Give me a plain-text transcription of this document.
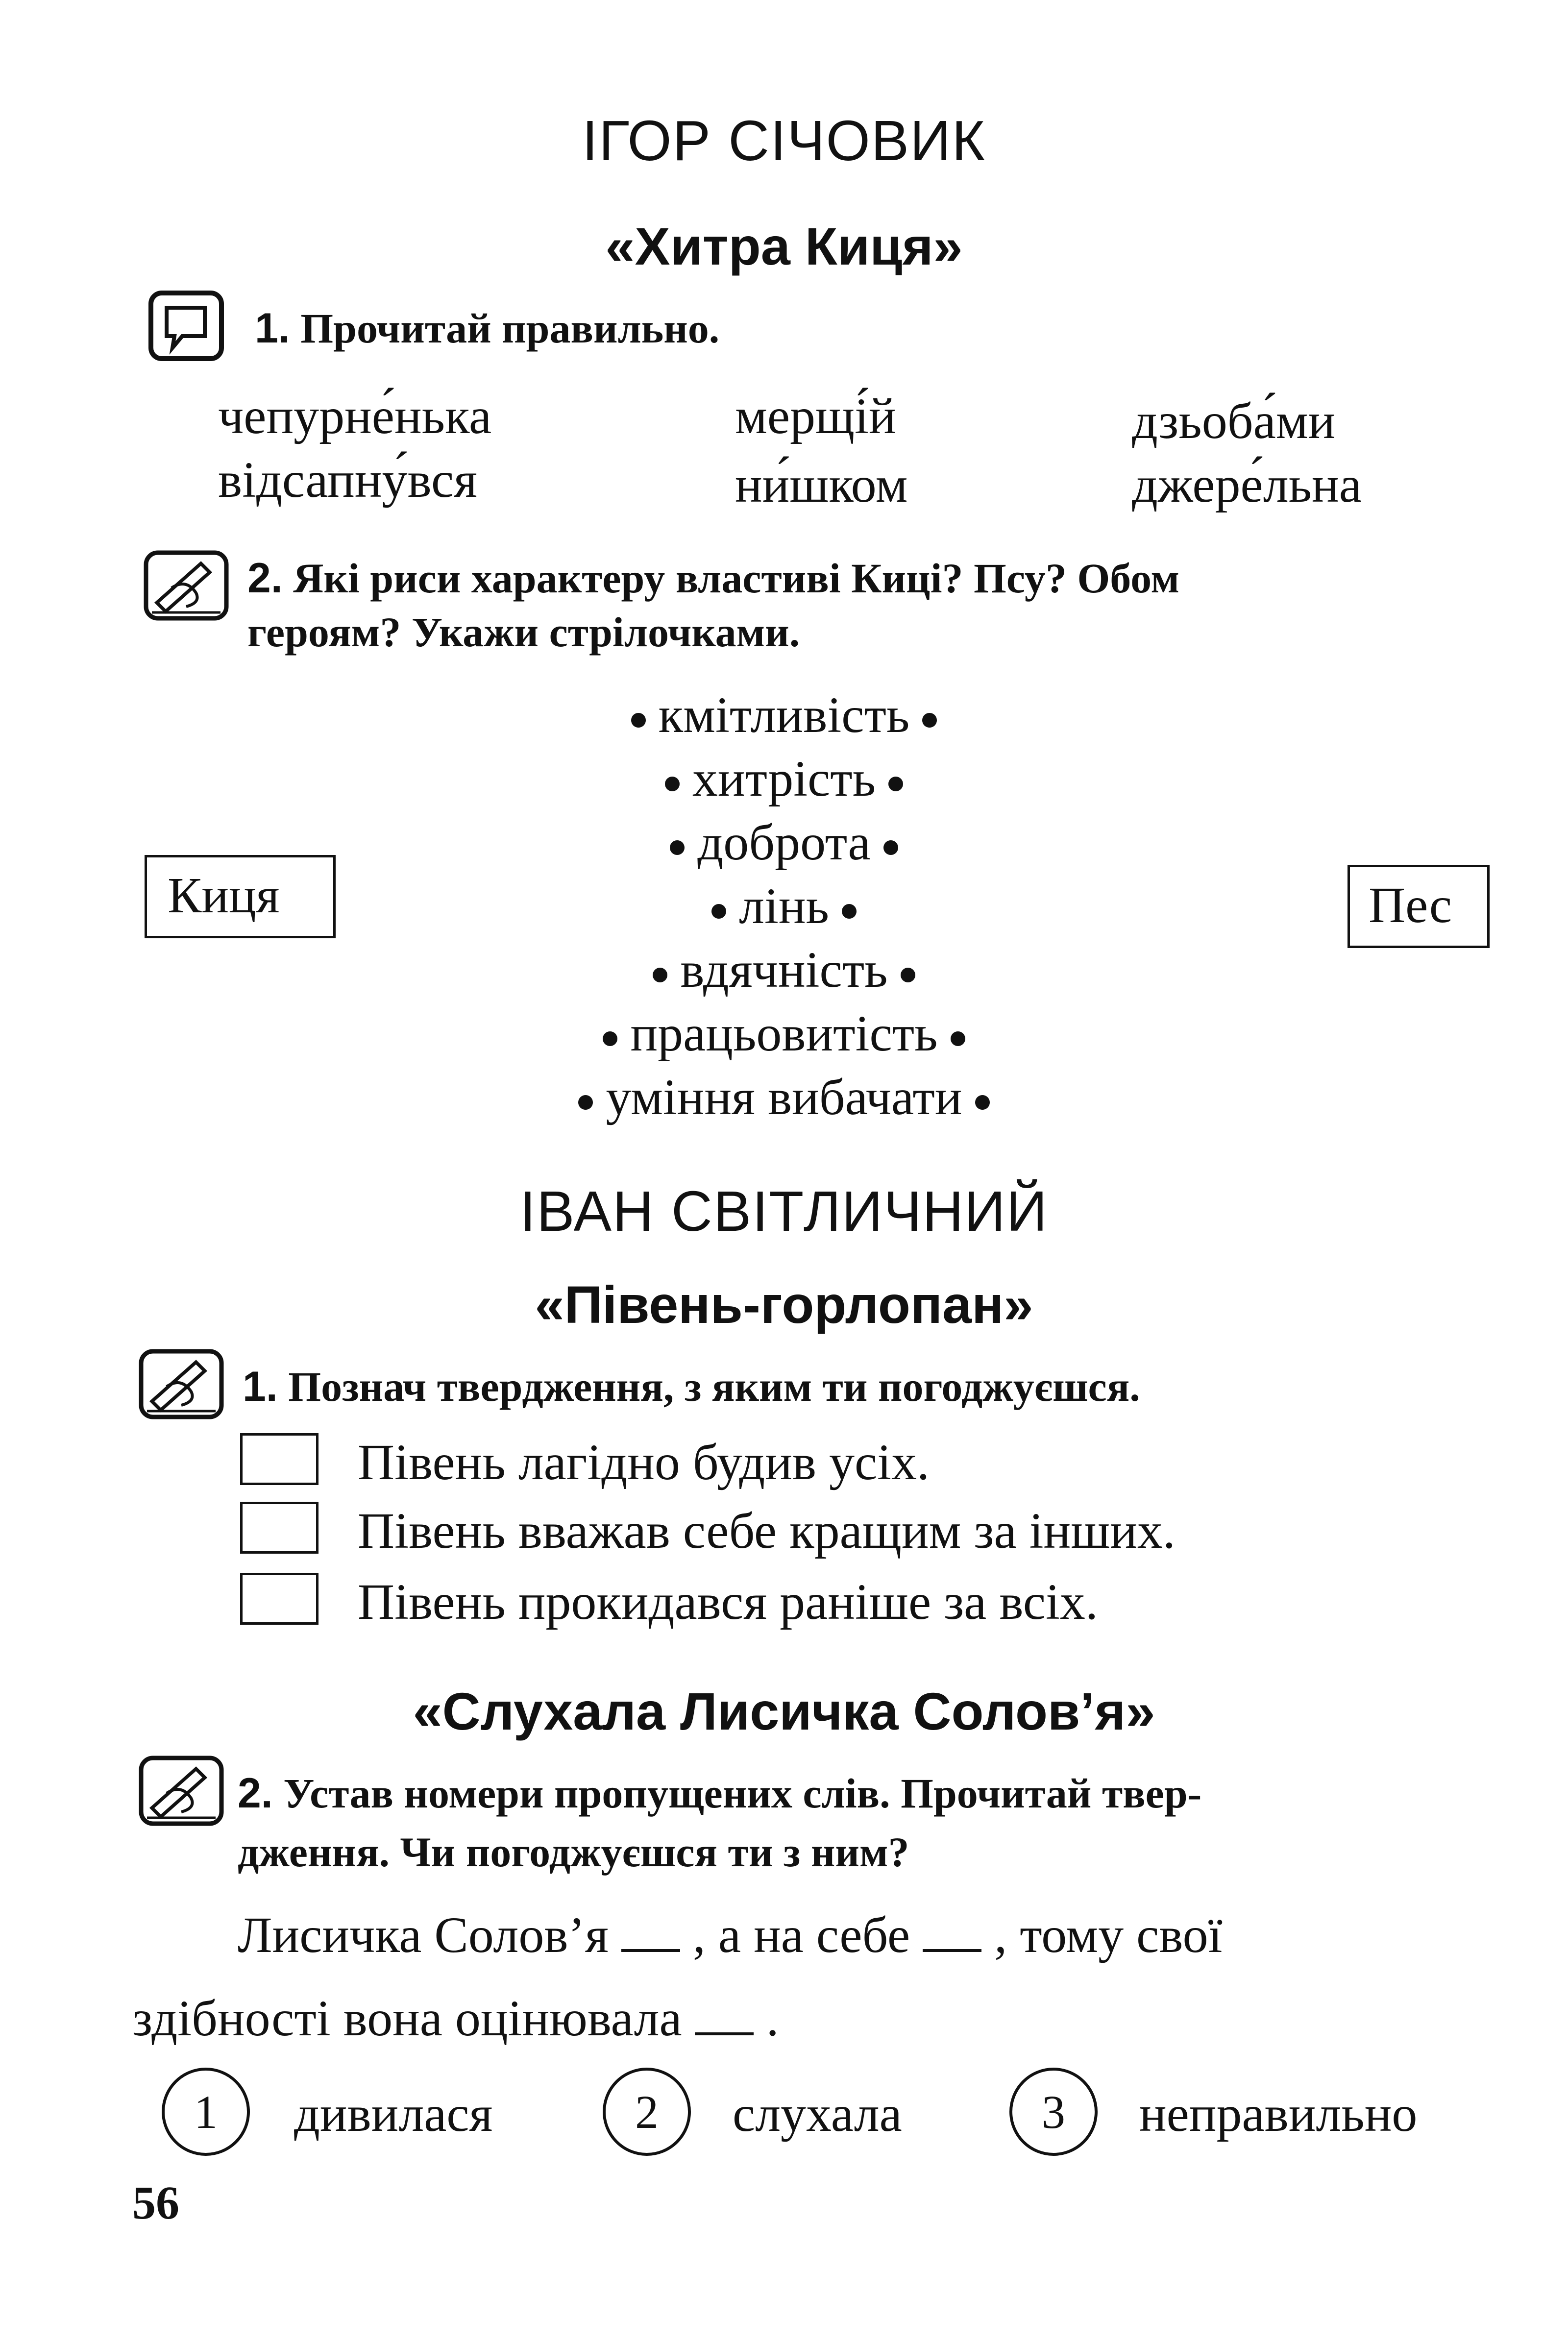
ІГОР СІЧОВИК
«Хитра Киця»
1. Прочитай правильно.
чепурне́нька	мерщі́й	дзьоба́ми
відсапну́вся	ни́шком	джере́льна
2. Які риси характеру властиві Киці? Псу? Обом
героям? Укажи стрілочками.
кмітливість
хитрість
доброта
лінь
вдячність
працьовитість
уміння вибачати
Киця	Пес
ІВАН СВІТЛИЧНИЙ
«Півень-горлопан»
1. Познач твердження, з яким ти погоджуєшся.
Півень лагідно будив усіх.
Півень вважав себе кращим за інших.
Півень прокидався раніше за всіх.
«Слухала Лисичка Солов’я»
2. Устав номери пропущених слів. Прочитай твер-
дження. Чи погоджуєшся ти з ним?
Лисичка Солов’я , а на себе , тому свої
здібності вона оцінювала .
1	дивилася	2	слухала	3	неправильно
56
